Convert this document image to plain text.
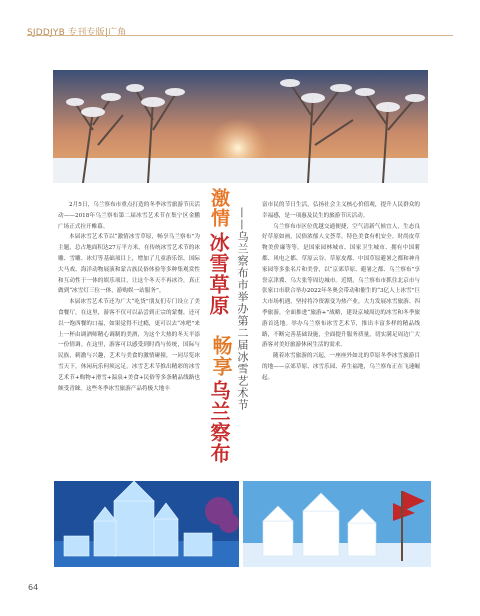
SJDDJYB 专刊专版|广角

2月5日，乌兰察布市重点打造的冬季冰雪旅游节庆活动——2018年乌兰察布第二届冰雪艺术节在集宁区金鹏广场正式拉开帷幕。

本届冰雪艺术节以“激情冰雪草原，畅享乌兰察布”为主题，总占地面积达27万平方米，在传统冰雪艺术节的冰雕、雪雕、冰灯等基础项目上，增加了儿童游乐馆、国际大马戏、海洋动物展演和蒙古族民俗体验等多种集观赏性和互动性于一体的娱乐项目，让这个冬天不再冰冷，真正做到“冰雪灯三位一体，游购娱一站服务”。

本届冰雪艺术节还为广大“吃货”朋友们专门设立了美食餐厅，在这里，游客不仅可以品尝到正宗的蒙餐，还可以一饱西餐的口福，如果觉得不过瘾，更可以去“冰吧”来上一杯由调酒师精心调制的美酒，为这个大热的冬天平添一份情调。在这里，游客可以感受到时尚与传统，国际与民族，刺激与兴趣，艺术与美食的激情碰撞，一同尽览冰雪天下，休闲玩乐何须远足。冰雪艺术节推出精彩的冰雪艺术节+购物+滑雪+温泉+美食+民俗等多条精品线路也颇受青睐。这些冬季冰雪旅游产品将极大地丰

激情
冰雪草原
畅享
乌兰察布
——乌兰察布市举办第二届冰雪艺术节

富市民的节日生活，弘扬社会主义核心价值观，提升人民群众的幸福感，是一项惠及民生的旅游节庆活动。

乌兰察布市区位优越交通便捷，空气清新气候宜人，生态良好草原如画，民俗浓郁人文荟萃，特色美食有机安全。时尚皮草物美价廉等等，是国家园林城市、国家卫生城市、拥有中国薯都、风电之都、草原云谷、草原皮都、中国草原避暑之都和神舟家园等多张名片和美誉，以“京郊草原、避暑之都、乌兰察布”享誉京津冀、乌大张等周边城市。近期，乌兰察布市抓住北京市与张家口市联合举办2022年冬奥会带动和催生的“3亿人上冰雪”巨大市场机遇，坚持将冷资源变为热产业，大力发展冰雪旅游、四季旅游，全面推进“旅游+”战略，建设京城周边的冰雪和冬季旅游首选地。举办乌兰察布冰雪艺术节，推出丰富多样的精品线路，不断完善基础设施，全面提升服务质量，切实满足周边广大游客对美好旅游休闲生活的需求。

随着冰雪旅游的兴起，一座座外如北的草原冬季冰雪旅游目的地——京郊草原、冰雪乐园、养生福地，乌兰察布正在飞速崛起。

64
